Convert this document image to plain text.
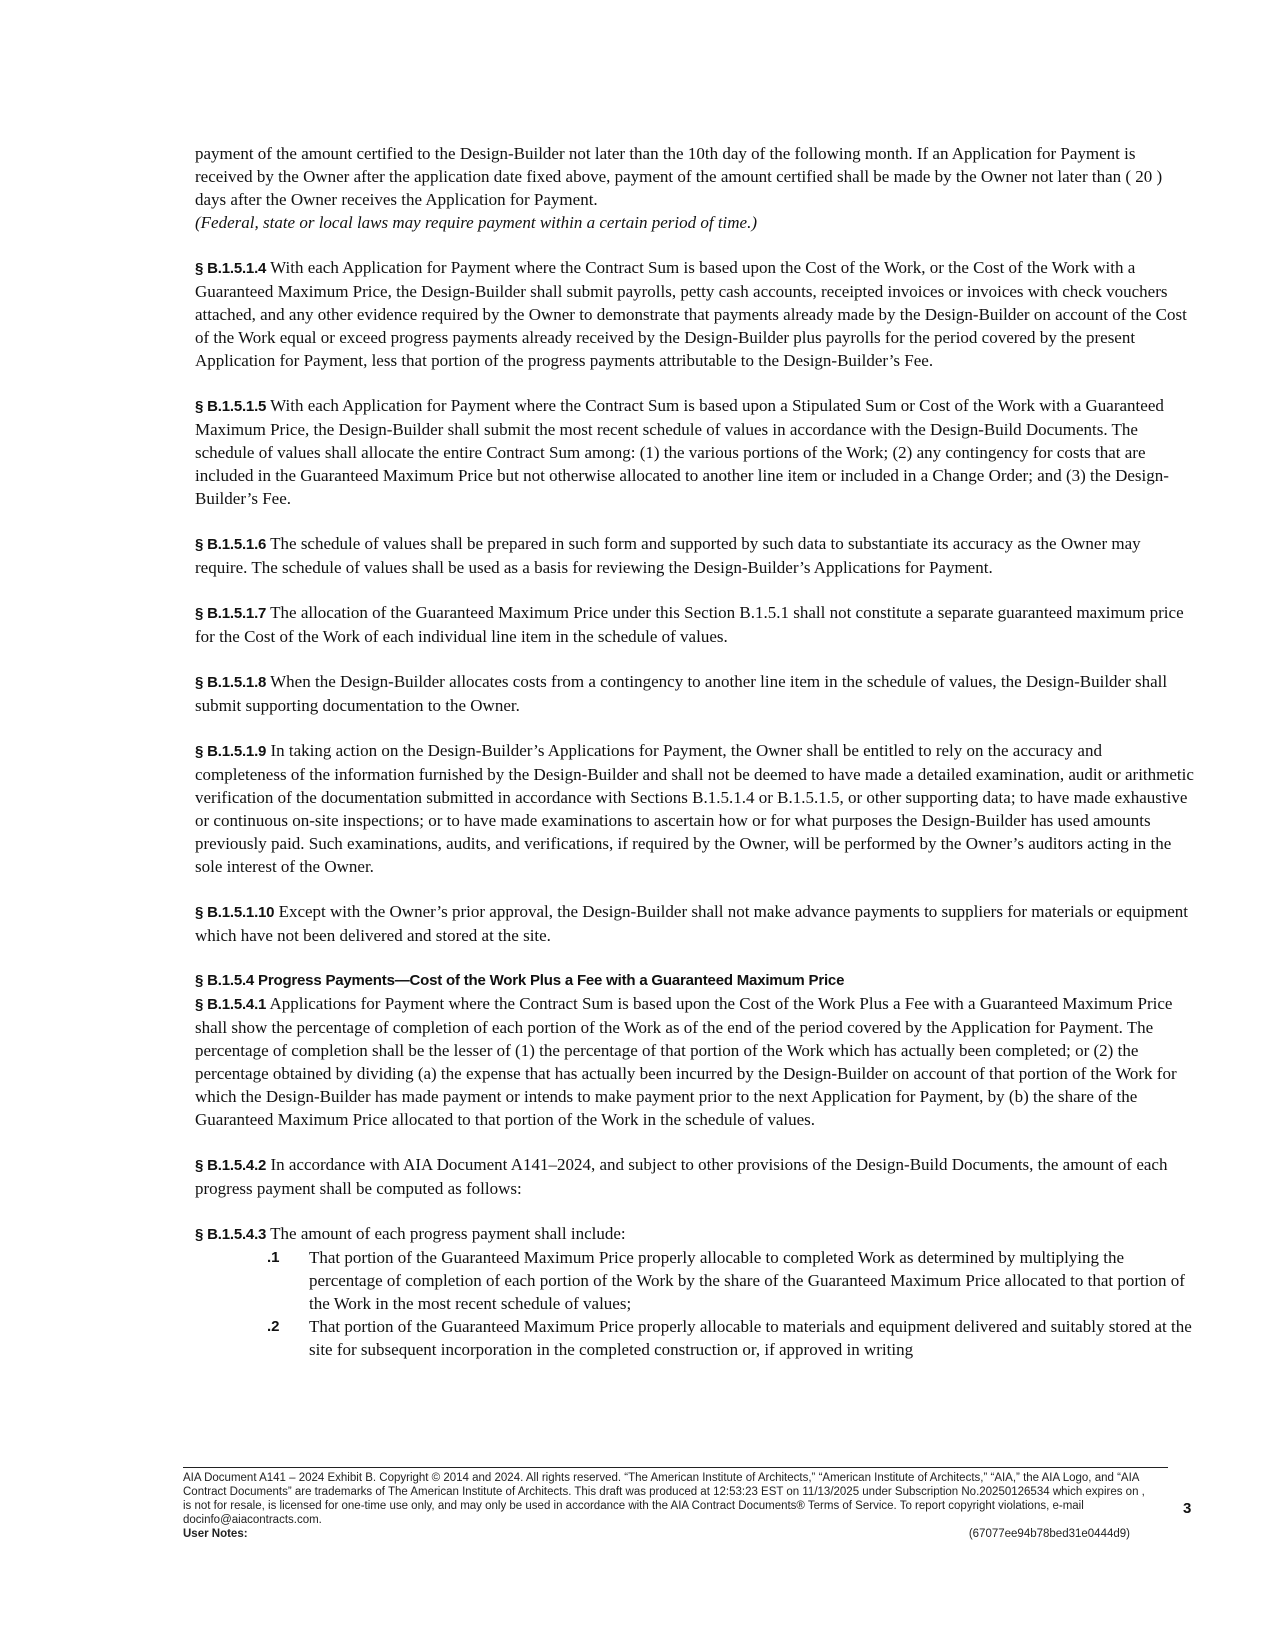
payment of the amount certified to the Design-Builder not later than the 10th day of the following month. If an Application for Payment is received by the Owner after the application date fixed above, payment of the amount certified shall be made by the Owner not later than ( 20 ) days after the Owner receives the Application for Payment.

(Federal, state or local laws may require payment within a certain period of time.)

§ B.1.5.1.4 With each Application for Payment where the Contract Sum is based upon the Cost of the Work, or the Cost of the Work with a Guaranteed Maximum Price, the Design-Builder shall submit payrolls, petty cash accounts, receipted invoices or invoices with check vouchers attached, and any other evidence required by the Owner to demonstrate that payments already made by the Design-Builder on account of the Cost of the Work equal or exceed progress payments already received by the Design-Builder plus payrolls for the period covered by the present Application for Payment, less that portion of the progress payments attributable to the Design-Builder’s Fee.

§ B.1.5.1.5 With each Application for Payment where the Contract Sum is based upon a Stipulated Sum or Cost of the Work with a Guaranteed Maximum Price, the Design-Builder shall submit the most recent schedule of values in accordance with the Design-Build Documents. The schedule of values shall allocate the entire Contract Sum among: (1) the various portions of the Work; (2) any contingency for costs that are included in the Guaranteed Maximum Price but not otherwise allocated to another line item or included in a Change Order; and (3) the Design-Builder’s Fee.

§ B.1.5.1.6 The schedule of values shall be prepared in such form and supported by such data to substantiate its accuracy as the Owner may require. The schedule of values shall be used as a basis for reviewing the Design-Builder’s Applications for Payment.

§ B.1.5.1.7 The allocation of the Guaranteed Maximum Price under this Section B.1.5.1 shall not constitute a separate guaranteed maximum price for the Cost of the Work of each individual line item in the schedule of values.

§ B.1.5.1.8 When the Design-Builder allocates costs from a contingency to another line item in the schedule of values, the Design-Builder shall submit supporting documentation to the Owner.

§ B.1.5.1.9 In taking action on the Design-Builder’s Applications for Payment, the Owner shall be entitled to rely on the accuracy and completeness of the information furnished by the Design-Builder and shall not be deemed to have made a detailed examination, audit or arithmetic verification of the documentation submitted in accordance with Sections B.1.5.1.4 or B.1.5.1.5, or other supporting data; to have made exhaustive or continuous on-site inspections; or to have made examinations to ascertain how or for what purposes the Design-Builder has used amounts previously paid. Such examinations, audits, and verifications, if required by the Owner, will be performed by the Owner’s auditors acting in the sole interest of the Owner.

§ B.1.5.1.10 Except with the Owner’s prior approval, the Design-Builder shall not make advance payments to suppliers for materials or equipment which have not been delivered and stored at the site.

§ B.1.5.4 Progress Payments—Cost of the Work Plus a Fee with a Guaranteed Maximum Price

§ B.1.5.4.1 Applications for Payment where the Contract Sum is based upon the Cost of the Work Plus a Fee with a Guaranteed Maximum Price shall show the percentage of completion of each portion of the Work as of the end of the period covered by the Application for Payment. The percentage of completion shall be the lesser of (1) the percentage of that portion of the Work which has actually been completed; or (2) the percentage obtained by dividing (a) the expense that has actually been incurred by the Design-Builder on account of that portion of the Work for which the Design-Builder has made payment or intends to make payment prior to the next Application for Payment, by (b) the share of the Guaranteed Maximum Price allocated to that portion of the Work in the schedule of values.

§ B.1.5.4.2 In accordance with AIA Document A141–2024, and subject to other provisions of the Design-Build Documents, the amount of each progress payment shall be computed as follows:

§ B.1.5.4.3 The amount of each progress payment shall include:

.1 That portion of the Guaranteed Maximum Price properly allocable to completed Work as determined by multiplying the percentage of completion of each portion of the Work by the share of the Guaranteed Maximum Price allocated to that portion of the Work in the most recent schedule of values;
.2 That portion of the Guaranteed Maximum Price properly allocable to materials and equipment delivered and suitably stored at the site for subsequent incorporation in the completed construction or, if approved in writing
AIA Document A141 – 2024 Exhibit B. Copyright © 2014 and 2024. All rights reserved. “The American Institute of Architects,” “American Institute of Architects,” “AIA,” the AIA Logo, and “AIA Contract Documents” are trademarks of The American Institute of Architects. This draft was produced at 12:53:23 EST on 11/13/2025 under Subscription No.20250126534 which expires on , is not for resale, is licensed for one-time use only, and may only be used in accordance with the AIA Contract Documents® Terms of Service. To report copyright violations, e-mail docinfo@aiacontracts.com.
User Notes:	(67077ee94b78bed31e0444d9)
3
